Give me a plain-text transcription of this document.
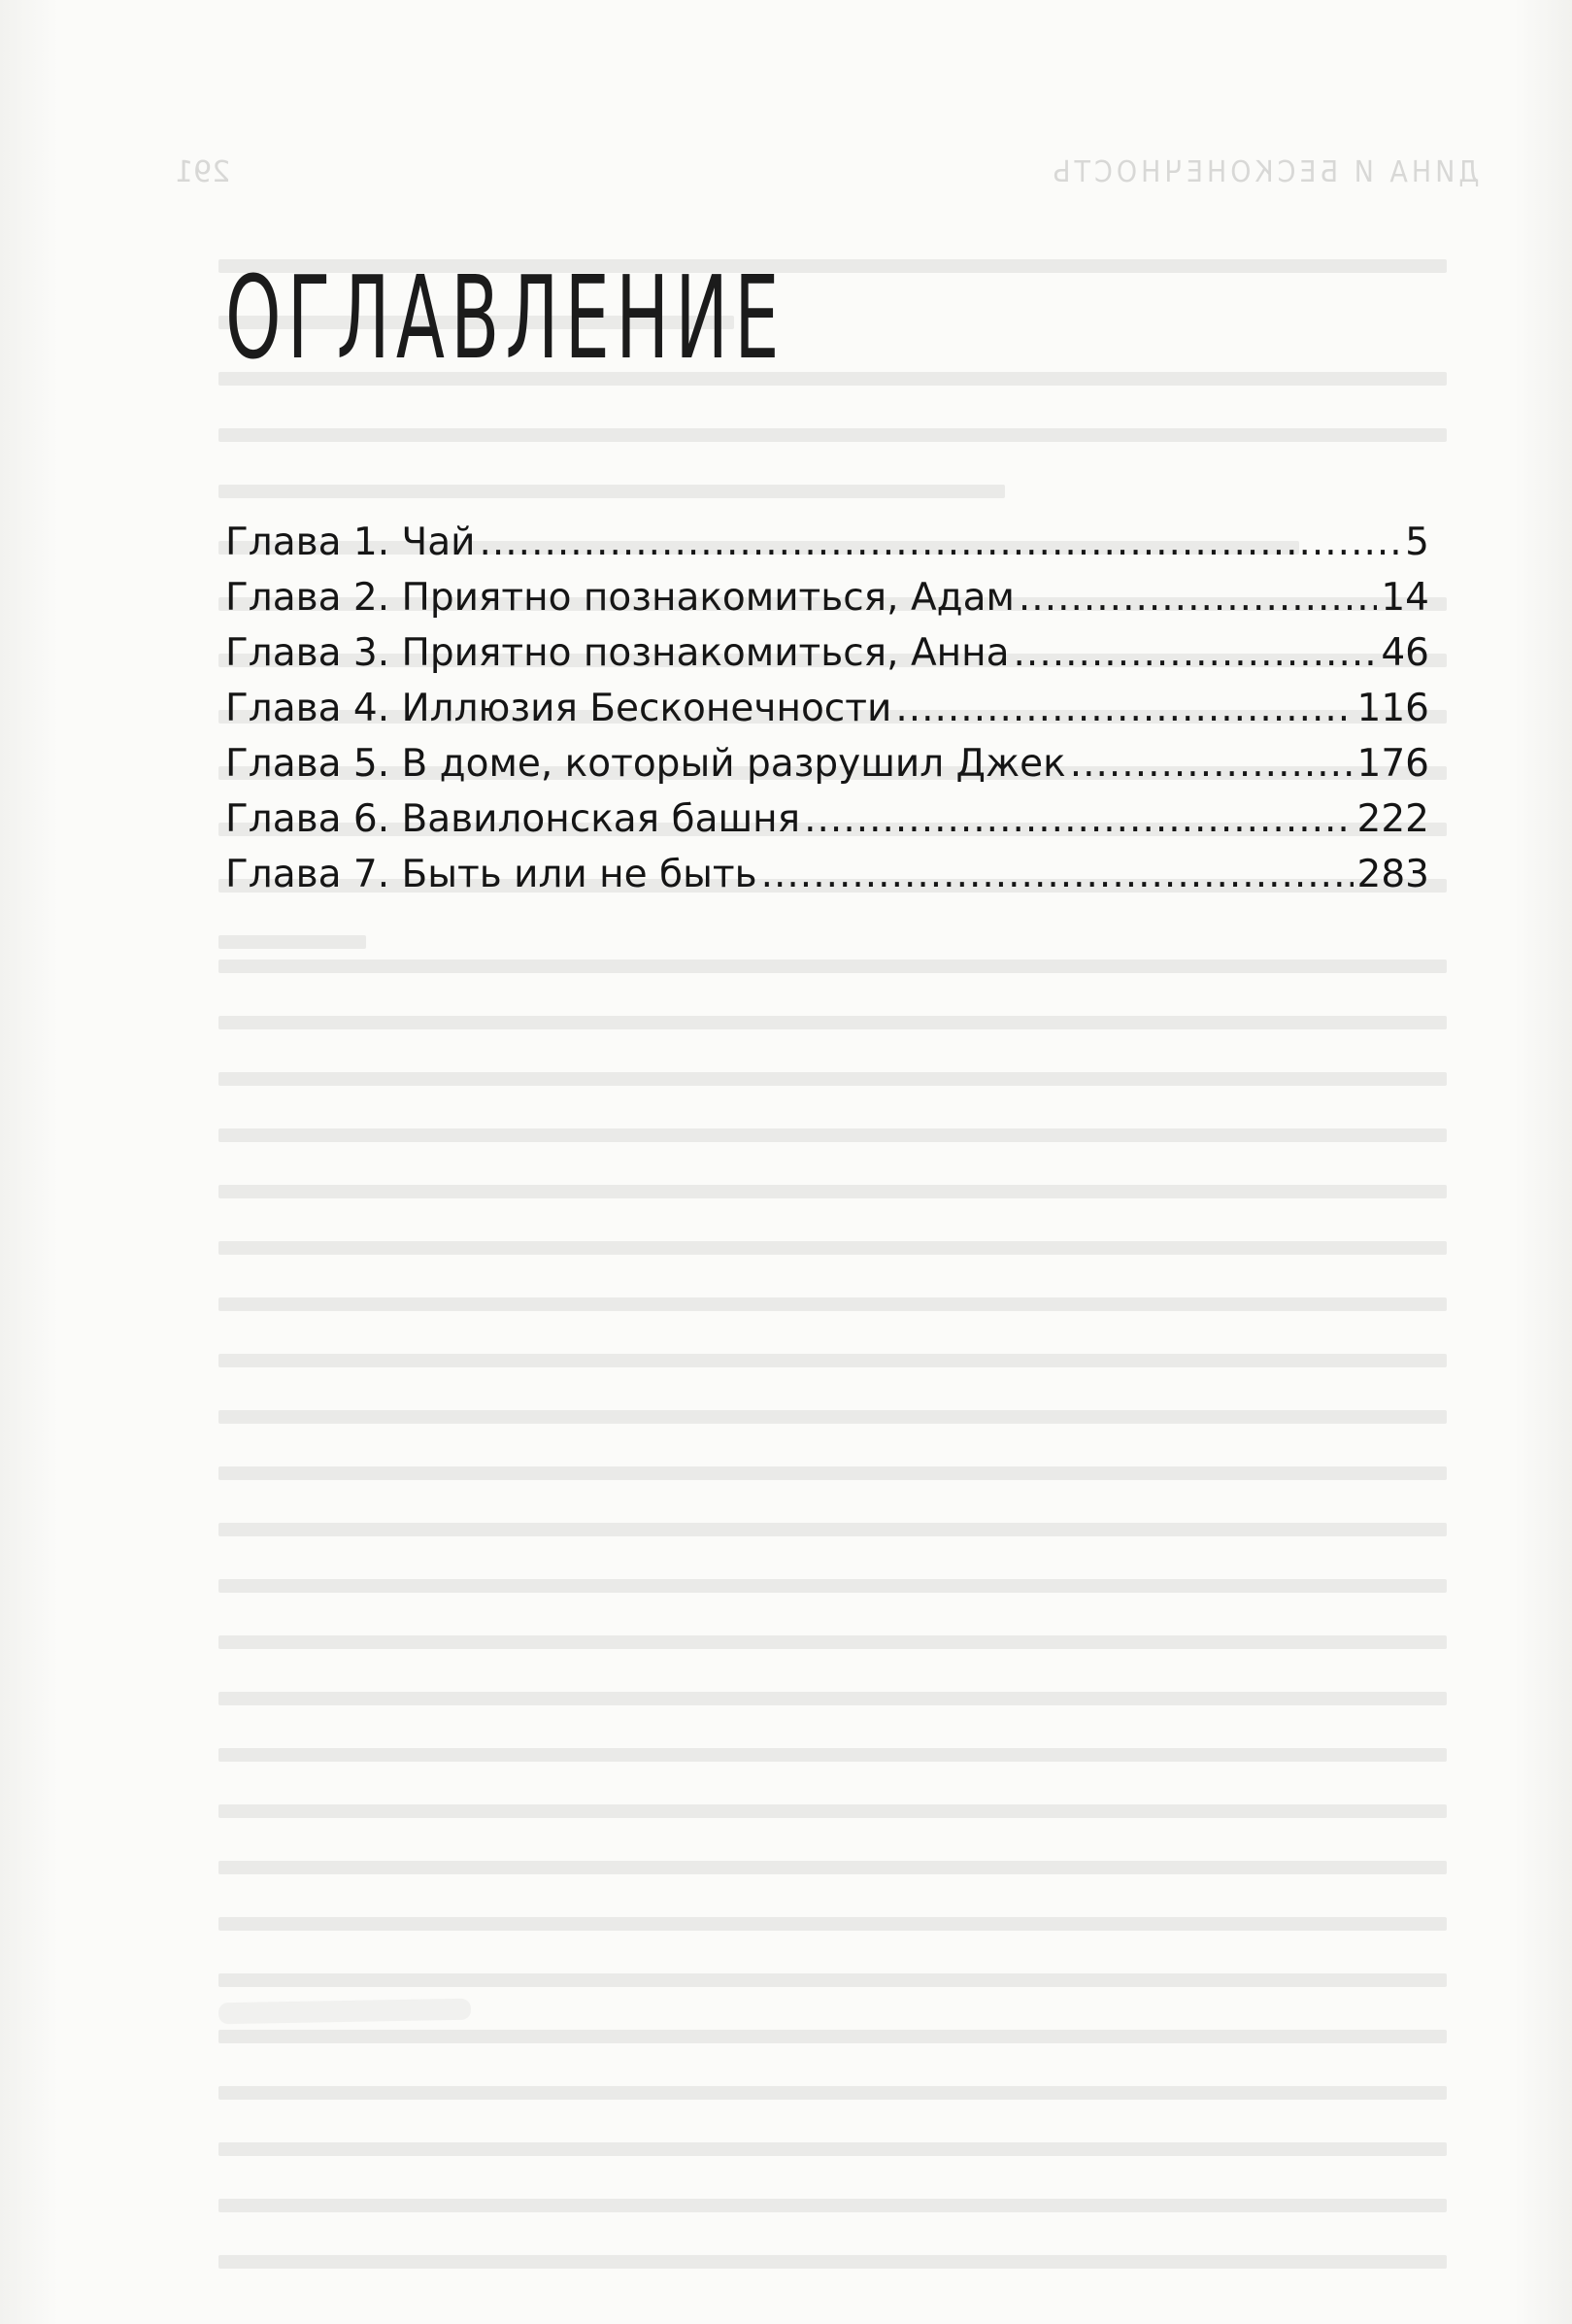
ДИНА И БЕСКОНЕЧНОСТЬ
291
ОГЛАВЛЕНИЕ
Глава 1. Чай .....	5
Глава 2. Приятно познакомиться, Адам .....	14
Глава 3. Приятно познакомиться, Анна .....	46
Глава 4. Иллюзия Бесконечности .....	116
Глава 5. В доме, который разрушил Джек .....	176
Глава 6. Вавилонская башня .....	222
Глава 7. Быть или не быть .....	283
